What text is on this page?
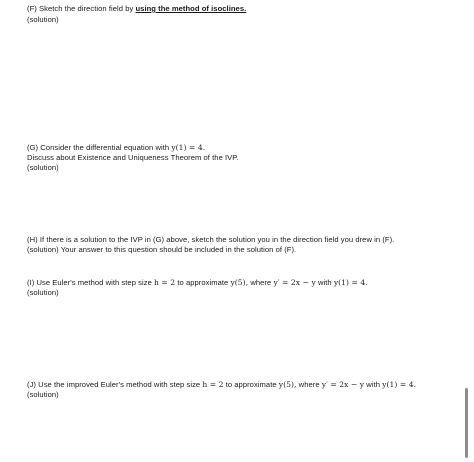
(F) Sketch the direction field by using the method of isoclines.
(solution)
(G) Consider the differential equation with y(1) = 4.
Discuss about Existence and Uniqueness Theorem of the IVP.
(solution)
(H) If there is a solution to the IVP in (G) above, sketch the solution you in the direction field you drew in (F).
(solution) Your answer to this question should be included in the solution of (F).
(I) Use Euler's method with step size h = 2 to approximate y(5), where y′ = 2x − y with y(1) = 4.
(solution)
(J) Use the improved Euler's method with step size h = 2 to approximate y(5), where y′ = 2x − y with y(1) = 4.
(solution)
